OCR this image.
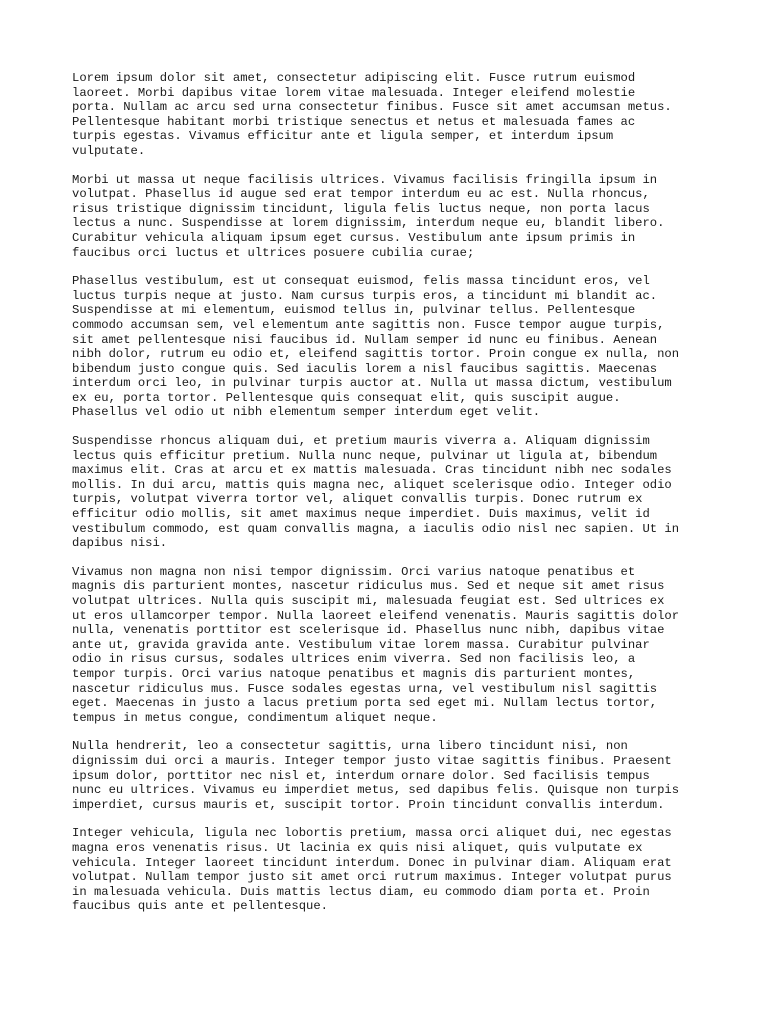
Lorem ipsum dolor sit amet, consectetur adipiscing elit. Fusce rutrum euismod
laoreet. Morbi dapibus vitae lorem vitae malesuada. Integer eleifend molestie
porta. Nullam ac arcu sed urna consectetur finibus. Fusce sit amet accumsan metus.
Pellentesque habitant morbi tristique senectus et netus et malesuada fames ac
turpis egestas. Vivamus efficitur ante et ligula semper, et interdum ipsum
vulputate.

Morbi ut massa ut neque facilisis ultrices. Vivamus facilisis fringilla ipsum in
volutpat. Phasellus id augue sed erat tempor interdum eu ac est. Nulla rhoncus,
risus tristique dignissim tincidunt, ligula felis luctus neque, non porta lacus
lectus a nunc. Suspendisse at lorem dignissim, interdum neque eu, blandit libero.
Curabitur vehicula aliquam ipsum eget cursus. Vestibulum ante ipsum primis in
faucibus orci luctus et ultrices posuere cubilia curae;

Phasellus vestibulum, est ut consequat euismod, felis massa tincidunt eros, vel
luctus turpis neque at justo. Nam cursus turpis eros, a tincidunt mi blandit ac.
Suspendisse at mi elementum, euismod tellus in, pulvinar tellus. Pellentesque
commodo accumsan sem, vel elementum ante sagittis non. Fusce tempor augue turpis,
sit amet pellentesque nisi faucibus id. Nullam semper id nunc eu finibus. Aenean
nibh dolor, rutrum eu odio et, eleifend sagittis tortor. Proin congue ex nulla, non
bibendum justo congue quis. Sed iaculis lorem a nisl faucibus sagittis. Maecenas
interdum orci leo, in pulvinar turpis auctor at. Nulla ut massa dictum, vestibulum
ex eu, porta tortor. Pellentesque quis consequat elit, quis suscipit augue.
Phasellus vel odio ut nibh elementum semper interdum eget velit.

Suspendisse rhoncus aliquam dui, et pretium mauris viverra a. Aliquam dignissim
lectus quis efficitur pretium. Nulla nunc neque, pulvinar ut ligula at, bibendum
maximus elit. Cras at arcu et ex mattis malesuada. Cras tincidunt nibh nec sodales
mollis. In dui arcu, mattis quis magna nec, aliquet scelerisque odio. Integer odio
turpis, volutpat viverra tortor vel, aliquet convallis turpis. Donec rutrum ex
efficitur odio mollis, sit amet maximus neque imperdiet. Duis maximus, velit id
vestibulum commodo, est quam convallis magna, a iaculis odio nisl nec sapien. Ut in
dapibus nisi.

Vivamus non magna non nisi tempor dignissim. Orci varius natoque penatibus et
magnis dis parturient montes, nascetur ridiculus mus. Sed et neque sit amet risus
volutpat ultrices. Nulla quis suscipit mi, malesuada feugiat est. Sed ultrices ex
ut eros ullamcorper tempor. Nulla laoreet eleifend venenatis. Mauris sagittis dolor
nulla, venenatis porttitor est scelerisque id. Phasellus nunc nibh, dapibus vitae
ante ut, gravida gravida ante. Vestibulum vitae lorem massa. Curabitur pulvinar
odio in risus cursus, sodales ultrices enim viverra. Sed non facilisis leo, a
tempor turpis. Orci varius natoque penatibus et magnis dis parturient montes,
nascetur ridiculus mus. Fusce sodales egestas urna, vel vestibulum nisl sagittis
eget. Maecenas in justo a lacus pretium porta sed eget mi. Nullam lectus tortor,
tempus in metus congue, condimentum aliquet neque.

Nulla hendrerit, leo a consectetur sagittis, urna libero tincidunt nisi, non
dignissim dui orci a mauris. Integer tempor justo vitae sagittis finibus. Praesent
ipsum dolor, porttitor nec nisl et, interdum ornare dolor. Sed facilisis tempus
nunc eu ultrices. Vivamus eu imperdiet metus, sed dapibus felis. Quisque non turpis
imperdiet, cursus mauris et, suscipit tortor. Proin tincidunt convallis interdum.

Integer vehicula, ligula nec lobortis pretium, massa orci aliquet dui, nec egestas
magna eros venenatis risus. Ut lacinia ex quis nisi aliquet, quis vulputate ex
vehicula. Integer laoreet tincidunt interdum. Donec in pulvinar diam. Aliquam erat
volutpat. Nullam tempor justo sit amet orci rutrum maximus. Integer volutpat purus
in malesuada vehicula. Duis mattis lectus diam, eu commodo diam porta et. Proin
faucibus quis ante et pellentesque.
